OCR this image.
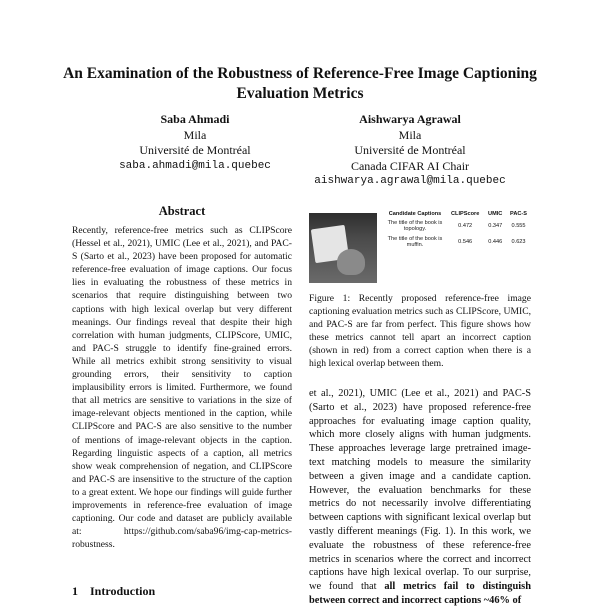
An Examination of the Robustness of Reference-Free Image Captioning Evaluation Metrics
Saba Ahmadi
Mila
Université de Montréal
saba.ahmadi@mila.quebec
Aishwarya Agrawal
Mila
Université de Montréal
Canada CIFAR AI Chair
aishwarya.agrawal@mila.quebec
Abstract
Recently, reference-free metrics such as CLIPScore (Hessel et al., 2021), UMIC (Lee et al., 2021), and PAC-S (Sarto et al., 2023) have been proposed for automatic reference-free evaluation of image captions. Our focus lies in evaluating the robustness of these metrics in scenarios that require distinguishing between two captions with high lexical overlap but very different meanings. Our findings reveal that despite their high correlation with human judgments, CLIPScore, UMIC, and PAC-S struggle to identify fine-grained errors. While all metrics exhibit strong sensitivity to visual grounding errors, their sensitivity to caption implausibility errors is limited. Furthermore, we found that all metrics are sensitive to variations in the size of image-relevant objects mentioned in the caption, while CLIPScore and PAC-S are also sensitive to the number of mentions of image-relevant objects in the caption. Regarding linguistic aspects of a caption, all metrics show weak comprehension of negation, and CLIPScore and PAC-S are insensitive to the structure of the caption to a great extent. We hope our findings will guide further improvements in reference-free evaluation of image captioning. Our code and dataset are publicly available at: https://github.com/saba96/img-cap-metrics-robustness.
Candidate Captions	CLIPScore	UMIC	PAC-S
The title of the book is topology.	0.472	0.347	0.555
The title of the book is muffin.	0.546	0.446	0.623
Figure 1: Recently proposed reference-free image captioning evaluation metrics such as CLIPScore, UMIC, and PAC-S are far from perfect. This figure shows how these metrics cannot tell apart an incorrect caption (shown in red) from a correct caption when there is a high lexical overlap between them.
et al., 2021), UMIC (Lee et al., 2021) and PAC-S (Sarto et al., 2023) have proposed reference-free approaches for evaluating image caption quality, which more closely aligns with human judgments. These approaches leverage large pretrained image-text matching models to measure the similarity between a given image and a candidate caption. However, the evaluation benchmarks for these metrics do not necessarily involve differentiating between captions with significant lexical overlap but vastly different meanings (Fig. 1). In this work, we evaluate the robustness of these reference-free metrics in scenarios where the correct and incorrect captions have high lexical overlap. To our surprise, we found that all metrics fail to distinguish between correct and incorrect captions ~46% of
1 Introduction
